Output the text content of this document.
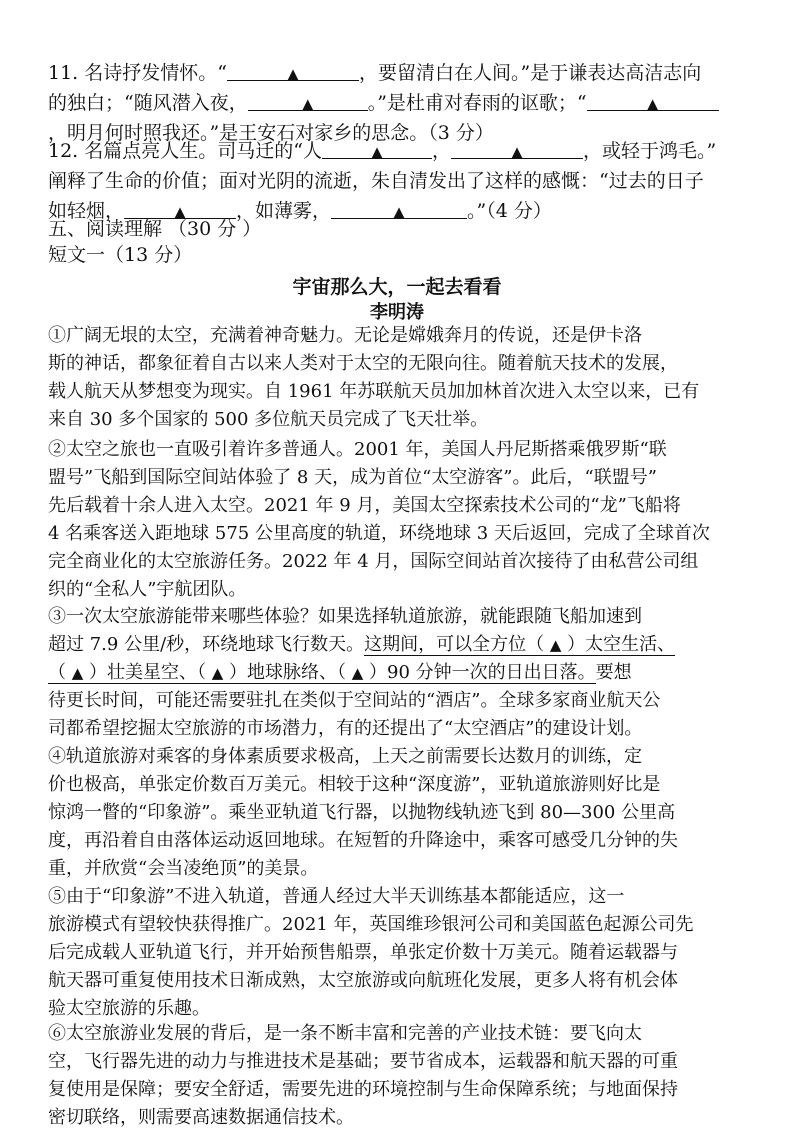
11. 名诗抒发情怀。“	▲	，要留清白在人间。”是于谦表达高洁志向
的独白；“随风潜入夜，	▲	。”是杜甫对春雨的讴歌；“	▲
，明月何时照我还。”是王安石对家乡的思念。（3 分）
12. 名篇点亮人生。司马迁的“人	▲	，	▲	，或轻于鸿毛。”
阐释了生命的价值；面对光阴的流逝，朱自清发出了这样的感慨：“过去的日子
如轻烟，	▲	，如薄雾，	▲	。”（4 分）
五、阅读理解 （30 分 ）
短文一（13 分）
宇宙那么大，一起去看看
李明涛
①广阔无垠的太空，充满着神奇魅力。无论是嫦娥奔月的传说，还是伊卡洛
斯的神话，都象征着自古以来人类对于太空的无限向往。随着航天技术的发展，
载人航天从梦想变为现实。自 1961 年苏联航天员加加林首次进入太空以来，已有
来自 30 多个国家的 500 多位航天员完成了飞天壮举。
②太空之旅也一直吸引着许多普通人。2001 年，美国人丹尼斯搭乘俄罗斯“联
盟号”飞船到国际空间站体验了 8 天，成为首位“太空游客”。此后，“联盟号”
先后载着十余人进入太空。2021 年 9 月，美国太空探索技术公司的“龙”飞船将
4 名乘客送入距地球 575 公里高度的轨道，环绕地球 3 天后返回，完成了全球首次
完全商业化的太空旅游任务。2022 年 4 月，国际空间站首次接待了由私营公司组
织的“全私人”宇航团队。
③一次太空旅游能带来哪些体验？如果选择轨道旅游，就能跟随飞船加速到
超过 7.9 公里/秒，环绕地球飞行数天。这期间，可以全方位（ ▲ ）太空生活、
（ ▲ ）壮美星空、（ ▲ ）地球脉络、（ ▲ ）90 分钟一次的日出日落。要想
待更长时间，可能还需要驻扎在类似于空间站的“酒店”。全球多家商业航天公
司都希望挖掘太空旅游的市场潜力，有的还提出了“太空酒店”的建设计划。
④轨道旅游对乘客的身体素质要求极高，上天之前需要长达数月的训练，定
价也极高，单张定价数百万美元。相较于这种“深度游”，亚轨道旅游则好比是
惊鸿一瞥的“印象游”。乘坐亚轨道飞行器，以抛物线轨迹飞到 80—300 公里高
度，再沿着自由落体运动返回地球。在短暂的升降途中，乘客可感受几分钟的失
重，并欣赏“会当凌绝顶”的美景。
⑤由于“印象游”不进入轨道，普通人经过大半天训练基本都能适应，这一
旅游模式有望较快获得推广。2021 年，英国维珍银河公司和美国蓝色起源公司先
后完成载人亚轨道飞行，并开始预售船票，单张定价数十万美元。随着运载器与
航天器可重复使用技术日渐成熟，太空旅游或向航班化发展，更多人将有机会体
验太空旅游的乐趣。
⑥太空旅游业发展的背后，是一条不断丰富和完善的产业技术链：要飞向太
空，飞行器先进的动力与推进技术是基础；要节省成本，运载器和航天器的可重
复使用是保障；要安全舒适，需要先进的环境控制与生命保障系统；与地面保持
密切联络，则需要高速数据通信技术。
